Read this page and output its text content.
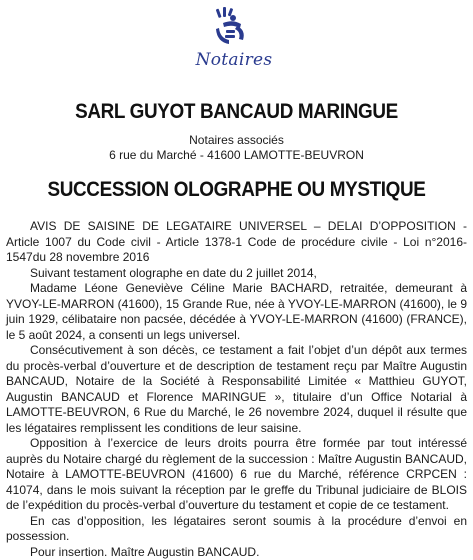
Notaires
SARL GUYOT BANCAUD MARINGUE
Notaires associés
6 rue du Marché - 41600 LAMOTTE-BEUVRON
SUCCESSION OLOGRAPHE OU MYSTIQUE

AVIS DE SAISINE DE LEGATAIRE UNIVERSEL – DELAI D’OPPOSITION - Article 1007 du Code civil - Article 1378-1 Code de procédure civile - Loi n°2016-1547du 28 novembre 2016

Suivant testament olographe en date du 2 juillet 2014,

Madame Léone Geneviève Céline Marie BACHARD, retraitée, demeurant à YVOY-LE-MARRON (41600), 15 Grande Rue, née à YVOY-LE-MARRON (41600), le 9 juin 1929, célibataire non pacsée, décédée à YVOY-LE-MARRON (41600) (FRANCE), le 5 août 2024, a consenti un legs universel.

Consécutivement à son décès, ce testament a fait l’objet d’un dépôt aux termes du procès-verbal d’ouverture et de description de testament reçu par Maître Augustin BANCAUD, Notaire de la Société à Responsabilité Limitée « Matthieu GUYOT, Augustin BANCAUD et Florence MARINGUE », titulaire d’un Office Notarial à LAMOTTE-BEUVRON, 6 Rue du Marché, le 26 novembre 2024, duquel il résulte que les légataires remplissent les conditions de leur saisine.

Opposition à l’exercice de leurs droits pourra être formée par tout intéressé auprès du Notaire chargé du règlement de la succession : Maître Augustin BANCAUD, Notaire à LAMOTTE-BEUVRON (41600) 6 rue du Marché, référence CRPCEN : 41074, dans le mois suivant la réception par le greffe du Tribunal judiciaire de BLOIS de l’expédition du procès-verbal d’ouverture du testament et copie de ce testament.

En cas d’opposition, les légataires seront soumis à la procédure d’envoi en possession.

Pour insertion. Maître Augustin BANCAUD.
